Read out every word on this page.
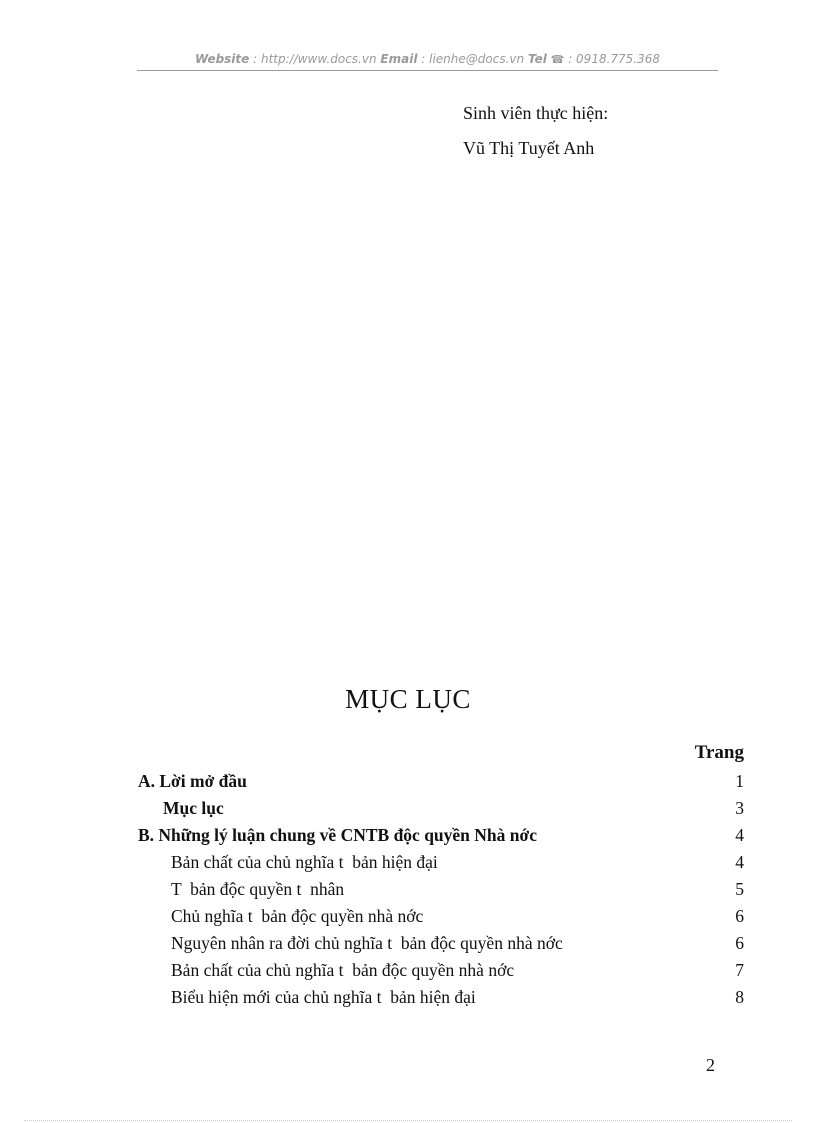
Website : http://www.docs.vn Email : lienhe@docs.vn Tel ☎ : 0918.775.368
Sinh viên thực hiện:
Vũ Thị Tuyết Anh
MỤC LỤC
Trang
A. Lời mở đầu	1
Mục lục	3
B. Những lý luận chung về CNTB độc quyền Nhà nớc	4
Bản chất của chủ nghĩa t  bản hiện đại	4
T  bản độc quyền t  nhân	5
Chủ nghĩa t  bản độc quyền nhà nớc	6
Nguyên nhân ra đời chủ nghĩa t  bản độc quyền nhà nớc	6
Bản chất của chủ nghĩa t  bản độc quyền nhà nớc	7
Biểu hiện mới của chủ nghĩa t  bản hiện đại	8
2
